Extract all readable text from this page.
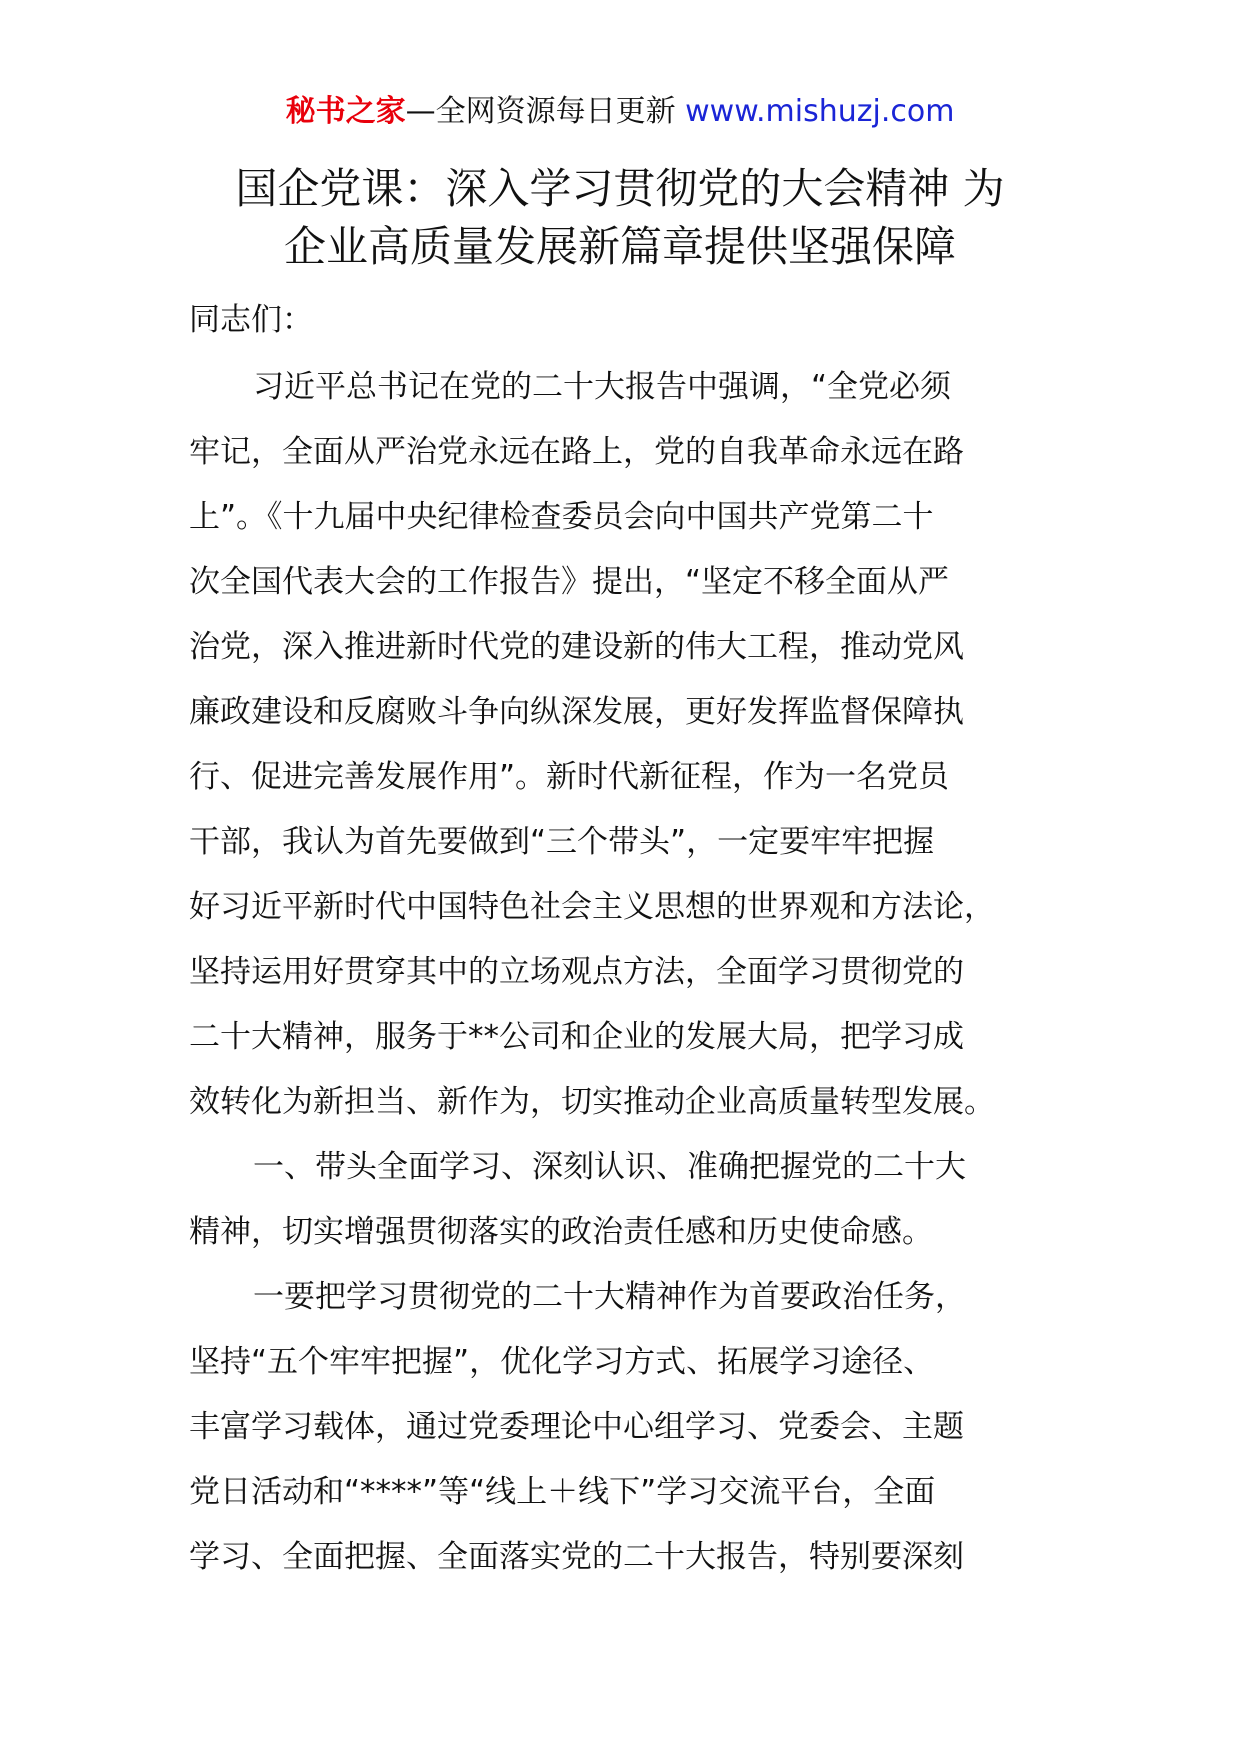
秘书之家—全网资源每日更新 www.mishuzj.com
国企党课：深入学习贯彻党的大会精神 为
企业高质量发展新篇章提供坚强保障
同志们：
习近平总书记在党的二十大报告中强调，“全党必须
牢记，全面从严治党永远在路上，党的自我革命永远在路
上”。《十九届中央纪律检查委员会向中国共产党第二十
次全国代表大会的工作报告》提出，“坚定不移全面从严
治党，深入推进新时代党的建设新的伟大工程，推动党风
廉政建设和反腐败斗争向纵深发展，更好发挥监督保障执
行、促进完善发展作用”。新时代新征程，作为一名党员
干部，我认为首先要做到“三个带头”，一定要牢牢把握
好习近平新时代中国特色社会主义思想的世界观和方法论，
坚持运用好贯穿其中的立场观点方法，全面学习贯彻党的
二十大精神，服务于**公司和企业的发展大局，把学习成
效转化为新担当、新作为，切实推动企业高质量转型发展。
一、带头全面学习、深刻认识、准确把握党的二十大
精神，切实增强贯彻落实的政治责任感和历史使命感。
一要把学习贯彻党的二十大精神作为首要政治任务，
坚持“五个牢牢把握”，优化学习方式、拓展学习途径、
丰富学习载体，通过党委理论中心组学习、党委会、主题
党日活动和“****”等“线上＋线下”学习交流平台，全面
学习、全面把握、全面落实党的二十大报告，特别要深刻
